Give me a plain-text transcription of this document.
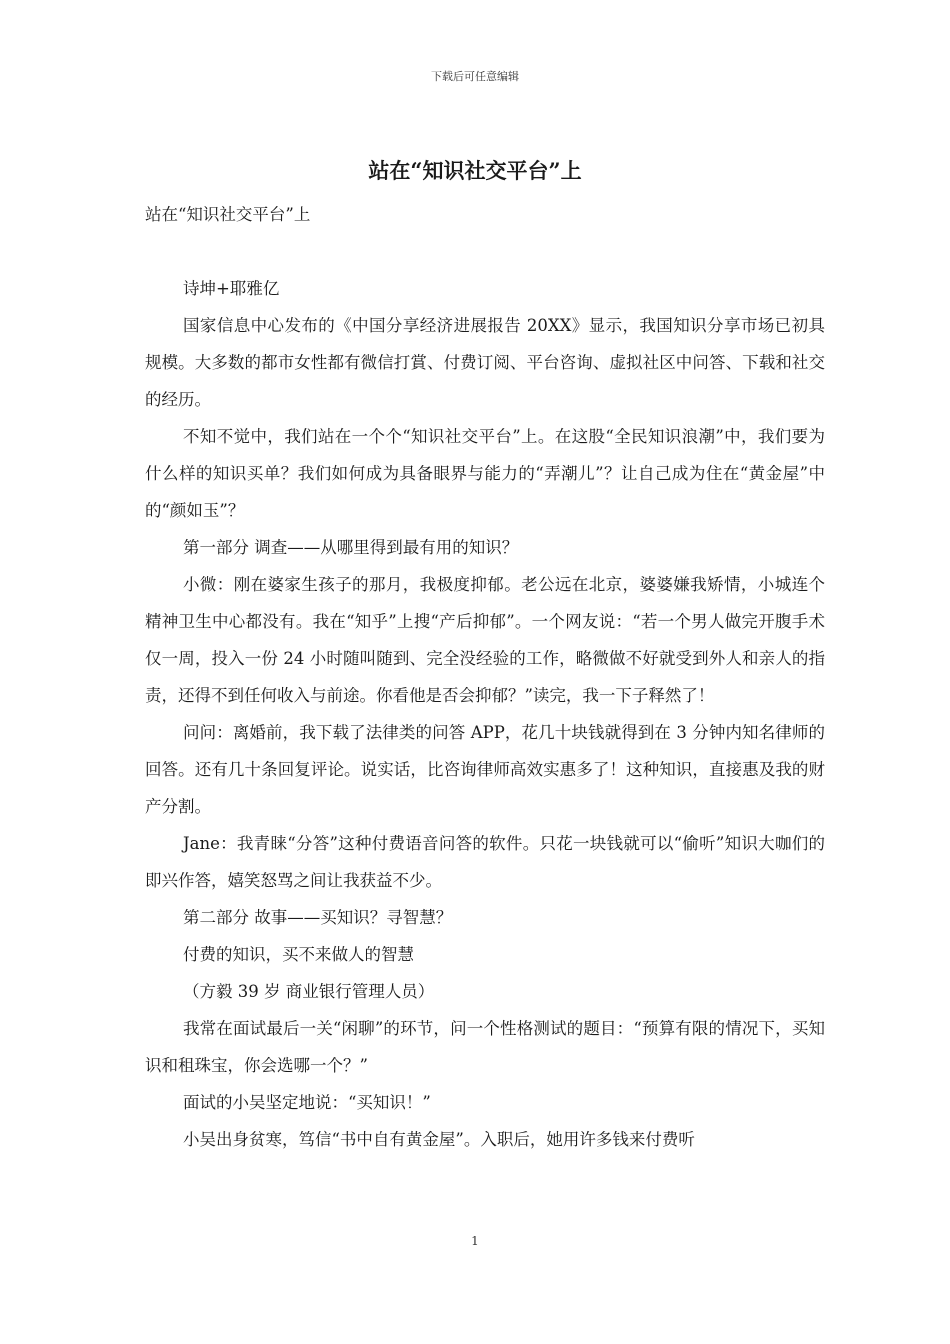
下载后可任意编辑
站在“知识社交平台”上

站在“知识社交平台”上

诗坤+耶雅亿

国家信息中心发布的《中国分享经济进展报告 20XX》显示，我国知识分享市场已初具规模。大多数的都市女性都有微信打賞、付费订阅、平台咨询、虚拟社区中问答、下载和社交的经历。

不知不觉中，我们站在一个个“知识社交平台”上。在这股“全民知识浪潮”中，我们要为什么样的知识买单？我们如何成为具备眼界与能力的“弄潮儿”？让自己成为住在“黄金屋”中的“颜如玉”？

第一部分 调查——从哪里得到最有用的知识？

小微：刚在婆家生孩子的那月，我极度抑郁。老公远在北京，婆婆嫌我矫情，小城连个精神卫生中心都没有。我在“知乎”上搜“产后抑郁”。一个网友说：“若一个男人做完开腹手术仅一周，投入一份 24 小时随叫随到、完全没经验的工作，略微做不好就受到外人和亲人的指责，还得不到任何收入与前途。你看他是否会抑郁？”读完，我一下子释然了！

问问：离婚前，我下载了法律类的问答 APP，花几十块钱就得到在 3 分钟内知名律师的回答。还有几十条回复评论。说实话，比咨询律师高效实惠多了！这种知识，直接惠及我的财产分割。

Jane：我青睐“分答”这种付费语音问答的软件。只花一块钱就可以“偷听”知识大咖们的即兴作答，嬉笑怒骂之间让我获益不少。

第二部分 故事——买知识？寻智慧？

付费的知识，买不来做人的智慧

（方毅 39 岁 商业银行管理人员）

我常在面试最后一关“闲聊”的环节，问一个性格测试的题目：“预算有限的情况下，买知识和租珠宝，你会选哪一个？”

面试的小吴坚定地说：“买知识！”

小吴出身贫寒，笃信“书中自有黄金屋”。入职后，她用许多钱来付费听

1
